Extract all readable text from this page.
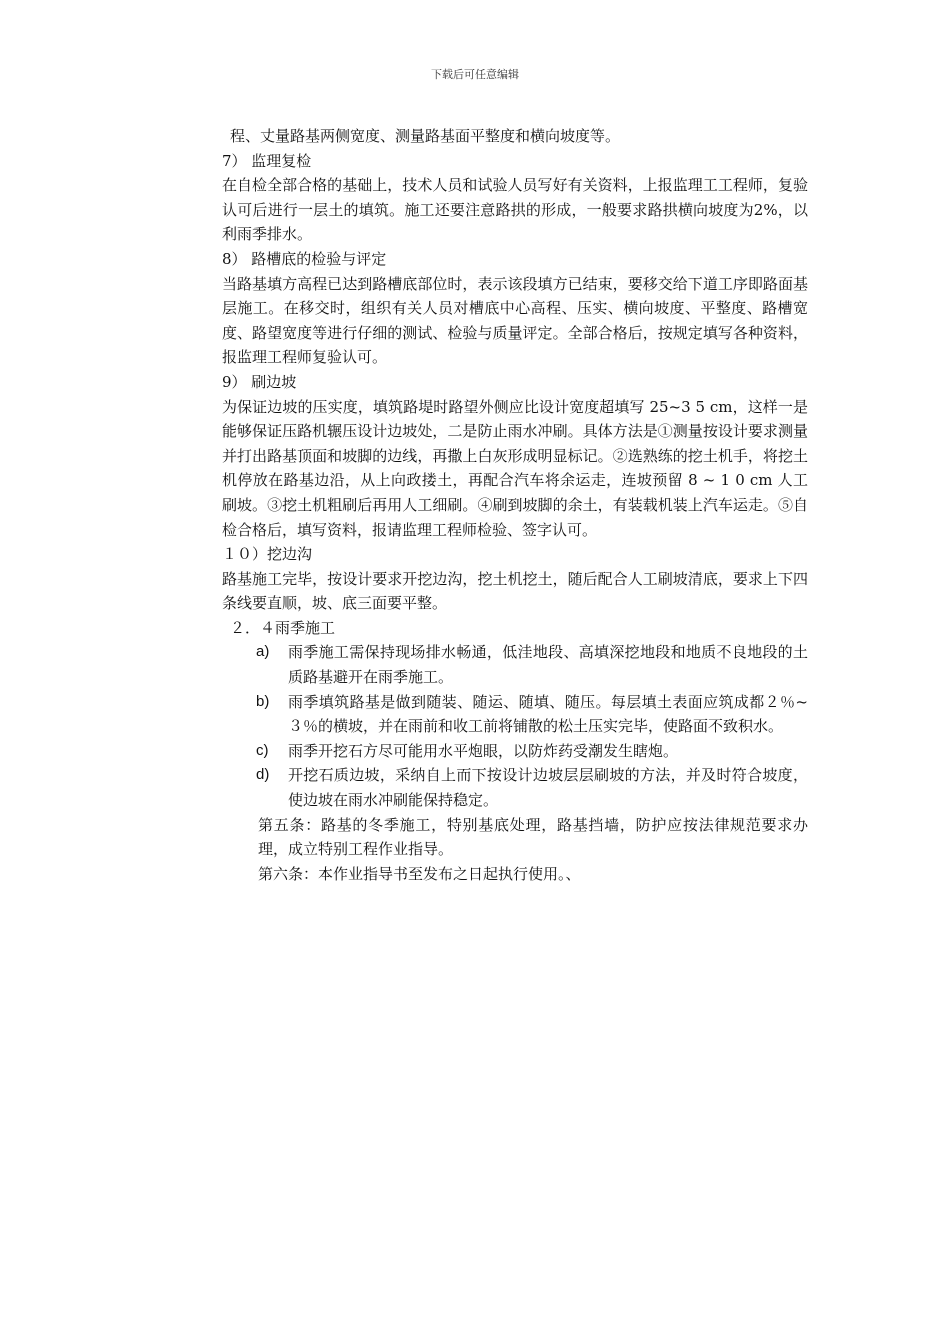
下载后可任意编辑

程、丈量路基两侧宽度、测量路基面平整度和横向坡度等。

7） 监理复检

在自检全部合格的基础上，技术人员和试验人员写好有关资料，上报监理工工程师，复验认可后进行一层土的填筑。施工还要注意路拱的形成，一般要求路拱横向坡度为2%，以利雨季排水。

8） 路槽底的检验与评定

当路基填方高程已达到路槽底部位时，表示该段填方已结束，要移交给下道工序即路面基层施工。在移交时，组织有关人员对槽底中心高程、压实、横向坡度、平整度、路槽宽度、路望宽度等进行仔细的测试、检验与质量评定。全部合格后，按规定填写各种资料，报监理工程师复验认可。

9） 刷边坡

为保证边坡的压实度，填筑路堤时路望外侧应比设计宽度超填写 25~3 5 cm，这样一是能够保证压路机辗压设计边坡处，二是防止雨水冲刷。具体方法是①测量按设计要求测量并打出路基顶面和坡脚的边线，再撒上白灰形成明显标记。②选熟练的挖土机手，将挖土机停放在路基边沿，从上向政搂土，再配合汽车将余运走，连坡预留 8 ~ 1 0 cm 人工刷坡。③挖土机粗刷后再用人工细刷。④刷到坡脚的余土，有装载机装上汽车运走。⑤自检合格后，填写资料，报请监理工程师检验、签字认可。

１０）挖边沟

路基施工完毕，按设计要求开挖边沟，挖土机挖土，随后配合人工刷坡清底，要求上下四条线要直顺，坡、底三面要平整。

２．４雨季施工

a) 雨季施工需保持现场排水畅通，低洼地段、高填深挖地段和地质不良地段的土质路基避开在雨季施工。
b) 雨季填筑路基是做到随装、随运、随填、随压。每层填土表面应筑成都２％~３％的横坡，并在雨前和收工前将铺散的松土压实完毕，使路面不致积水。
c) 雨季开挖石方尽可能用水平炮眼，以防炸药受潮发生瞎炮。
d) 开挖石质边坡，采纳自上而下按设计边坡层层刷坡的方法，并及时符合坡度，使边坡在雨水冲刷能保持稳定。

第五条：路基的冬季施工，特别基底处理，路基挡墙，防护应按法律规范要求办理，成立特别工程作业指导。

第六条：本作业指导书至发布之日起执行使用。、
